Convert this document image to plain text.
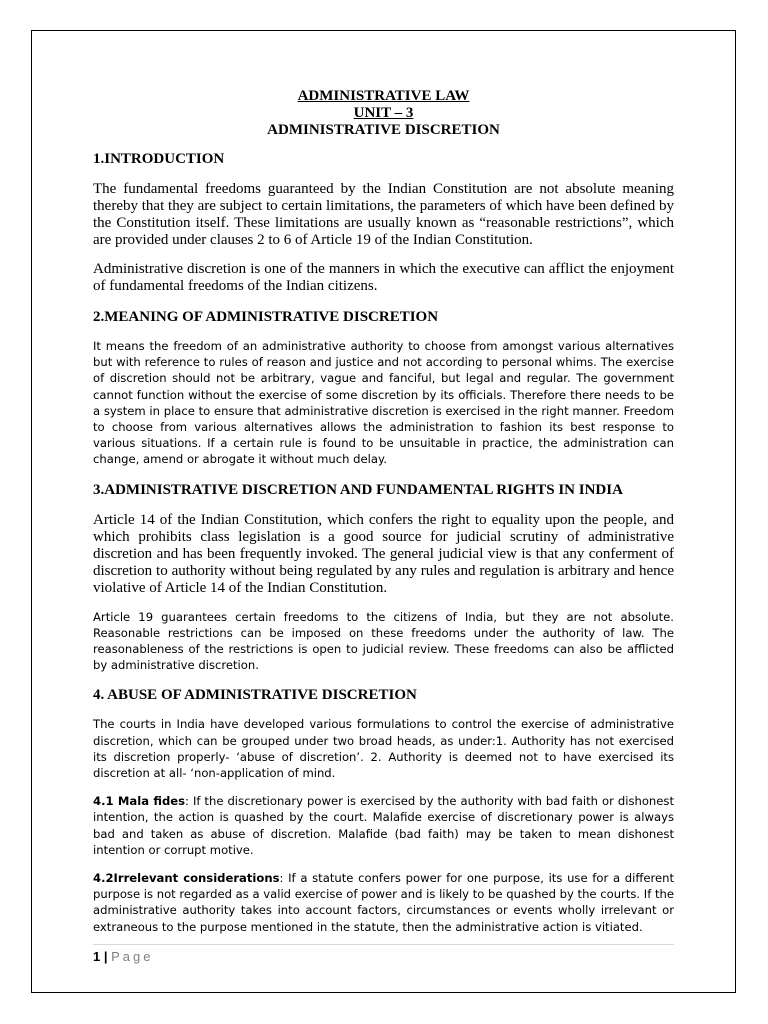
ADMINISTRATIVE LAW
UNIT – 3
ADMINISTRATIVE DISCRETION
1.INTRODUCTION

The fundamental freedoms guaranteed by the Indian Constitution are not absolute meaning thereby that they are subject to certain limitations, the parameters of which have been defined by the Constitution itself. These limitations are usually known as “reasonable restrictions”, which are provided under clauses 2 to 6 of Article 19 of the Indian Constitution.

Administrative discretion is one of the manners in which the executive can afflict the enjoyment of fundamental freedoms of the Indian citizens.

2.MEANING OF ADMINISTRATIVE DISCRETION

It means the freedom of an administrative authority to choose from amongst various alternatives but with reference to rules of reason and justice and not according to personal whims. The exercise of discretion should not be arbitrary, vague and fanciful, but legal and regular. The government cannot function without the exercise of some discretion by its officials. Therefore there needs to be a system in place to ensure that administrative discretion is exercised in the right manner. Freedom to choose from various alternatives allows the administration to fashion its best response to various situations. If a certain rule is found to be unsuitable in practice, the administration can change, amend or abrogate it without much delay.

3.ADMINISTRATIVE DISCRETION AND FUNDAMENTAL RIGHTS IN INDIA

Article 14 of the Indian Constitution, which confers the right to equality upon the people, and which prohibits class legislation is a good source for judicial scrutiny of administrative discretion and has been frequently invoked. The general judicial view is that any conferment of discretion to authority without being regulated by any rules and regulation is arbitrary and hence violative of Article 14 of the Indian Constitution.

Article 19 guarantees certain freedoms to the citizens of India, but they are not absolute. Reasonable restrictions can be imposed on these freedoms under the authority of law. The reasonableness of the restrictions is open to judicial review. These freedoms can also be afflicted by administrative discretion.

4. ABUSE OF ADMINISTRATIVE DISCRETION

The courts in India have developed various formulations to control the exercise of administrative discretion, which can be grouped under two broad heads, as under:1. Authority has not exercised its discretion properly- ‘abuse of discretion’. 2. Authority is deemed not to have exercised its discretion at all- ‘non-application of mind.

4.1 Mala fides: If the discretionary power is exercised by the authority with bad faith or dishonest intention, the action is quashed by the court. Malafide exercise of discretionary power is always bad and taken as abuse of discretion. Malafide (bad faith) may be taken to mean dishonest intention or corrupt motive.

4.2Irrelevant considerations: If a statute confers power for one purpose, its use for a different purpose is not regarded as a valid exercise of power and is likely to be quashed by the courts. If the administrative authority takes into account factors, circumstances or events wholly irrelevant or extraneous to the purpose mentioned in the statute, then the administrative action is vitiated.

1 | Page
